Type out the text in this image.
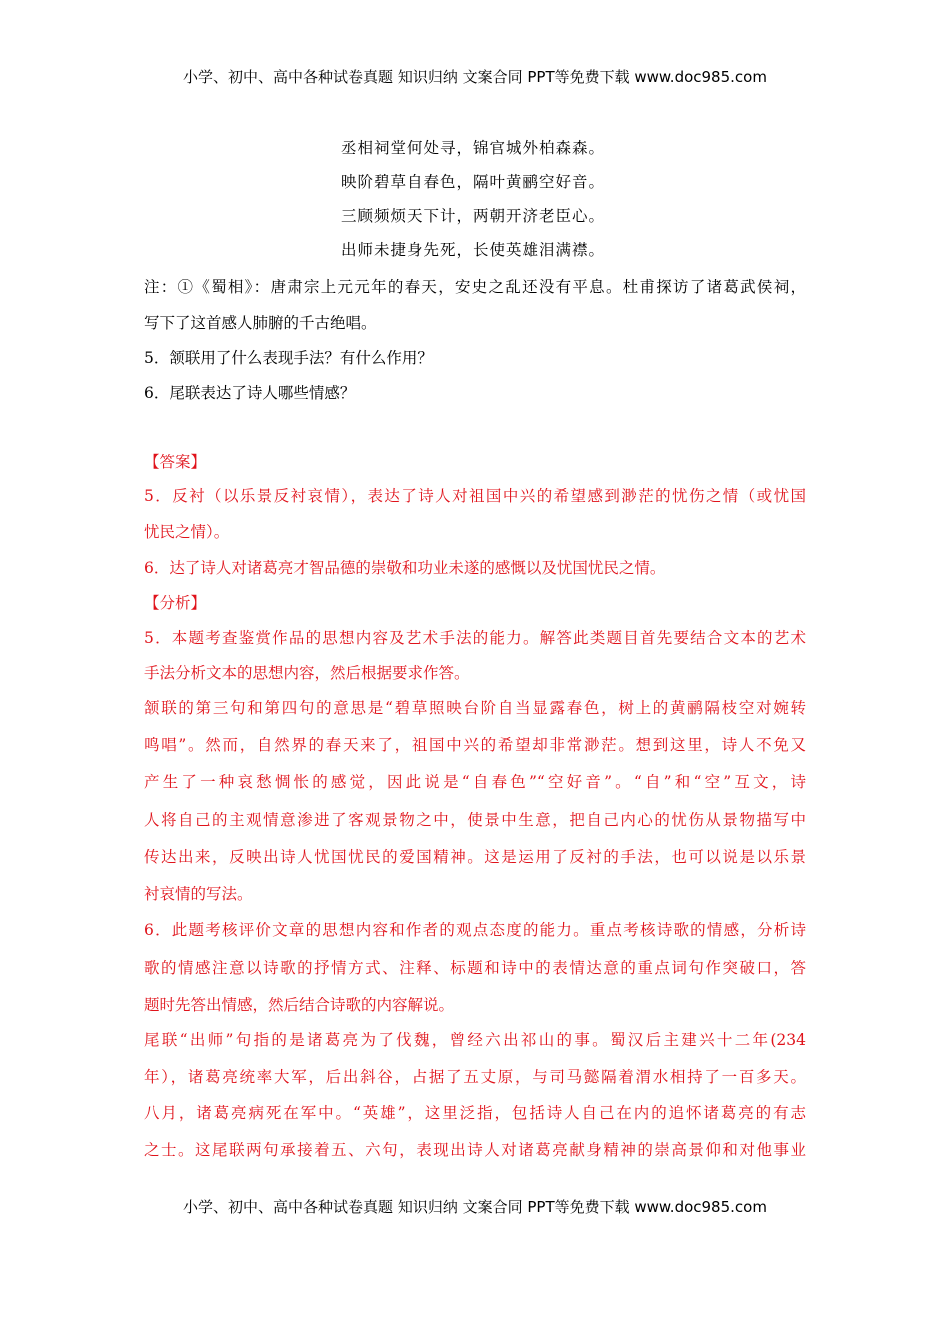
小学、初中、高中各种试卷真题 知识归纳 文案合同 PPT等免费下载 www.doc985.com
丞相祠堂何处寻，锦官城外柏森森。
映阶碧草自春色，隔叶黄鹂空好音。
三顾频烦天下计，两朝开济老臣心。
出师未捷身先死，长使英雄泪满襟。
注：①《蜀相》：唐肃宗上元元年的春天，安史之乱还没有平息。杜甫探访了诸葛武侯祠，
写下了这首感人肺腑的千古绝唱。
5．颔联用了什么表现手法？有什么作用？
6．尾联表达了诗人哪些情感？
【答案】
5．反衬（以乐景反衬哀情），表达了诗人对祖国中兴的希望感到渺茫的忧伤之情（或忧国
忧民之情）。
6．达了诗人对诸葛亮才智品德的崇敬和功业未遂的感慨以及忧国忧民之情。
【分析】
5．本题考查鉴赏作品的思想内容及艺术手法的能力。解答此类题目首先要结合文本的艺术
手法分析文本的思想内容，然后根据要求作答。
颔联的第三句和第四句的意思是“碧草照映台阶自当显露春色，树上的黄鹂隔枝空对婉转
鸣唱”。然而，自然界的春天来了，祖国中兴的希望却非常渺茫。想到这里，诗人不免又
产生了一种哀愁惆怅的感觉，因此说是“自春色”“空好音”。“自”和“空”互文，诗
人将自己的主观情意渗进了客观景物之中，使景中生意，把自己内心的忧伤从景物描写中
传达出来，反映出诗人忧国忧民的爱国精神。这是运用了反衬的手法，也可以说是以乐景
衬哀情的写法。
6．此题考核评价文章的思想内容和作者的观点态度的能力。重点考核诗歌的情感，分析诗
歌的情感注意以诗歌的抒情方式、注释、标题和诗中的表情达意的重点词句作突破口，答
题时先答出情感，然后结合诗歌的内容解说。
尾联“出师”句指的是诸葛亮为了伐魏，曾经六出祁山的事。蜀汉后主建兴十二年(234
年），诸葛亮统率大军，后出斜谷，占据了五丈原，与司马懿隔着渭水相持了一百多天。
八月，诸葛亮病死在军中。“英雄”，这里泛指，包括诗人自己在内的追怀诸葛亮的有志
之士。这尾联两句承接着五、六句，表现出诗人对诸葛亮献身精神的崇高景仰和对他事业
小学、初中、高中各种试卷真题 知识归纳 文案合同 PPT等免费下载 www.doc985.com
